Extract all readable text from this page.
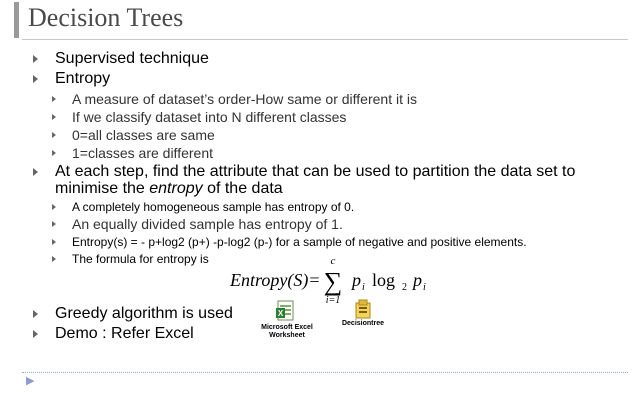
Decision Trees
Supervised technique
Entropy
A measure of dataset’s order-How same or different it is
If we classify dataset into N different classes
0=all classes are same
1=classes are different
At each step, find the attribute that can be used to partition the data set to
minimise the entropy of the data
A completely homogeneous sample has entropy of 0.
An equally divided sample has entropy of 1.
Entropy(s) = - p+log2 (p+) -p-log2 (p-) for a sample of negative and positive elements.
The formula for entropy is
Entropy(S)=
c
∑
i=1
p i log 2 p i
Greedy algorithm is used
Demo : Refer Excel
X
Microsoft Excel
Worksheet
Decisiontree
▶
